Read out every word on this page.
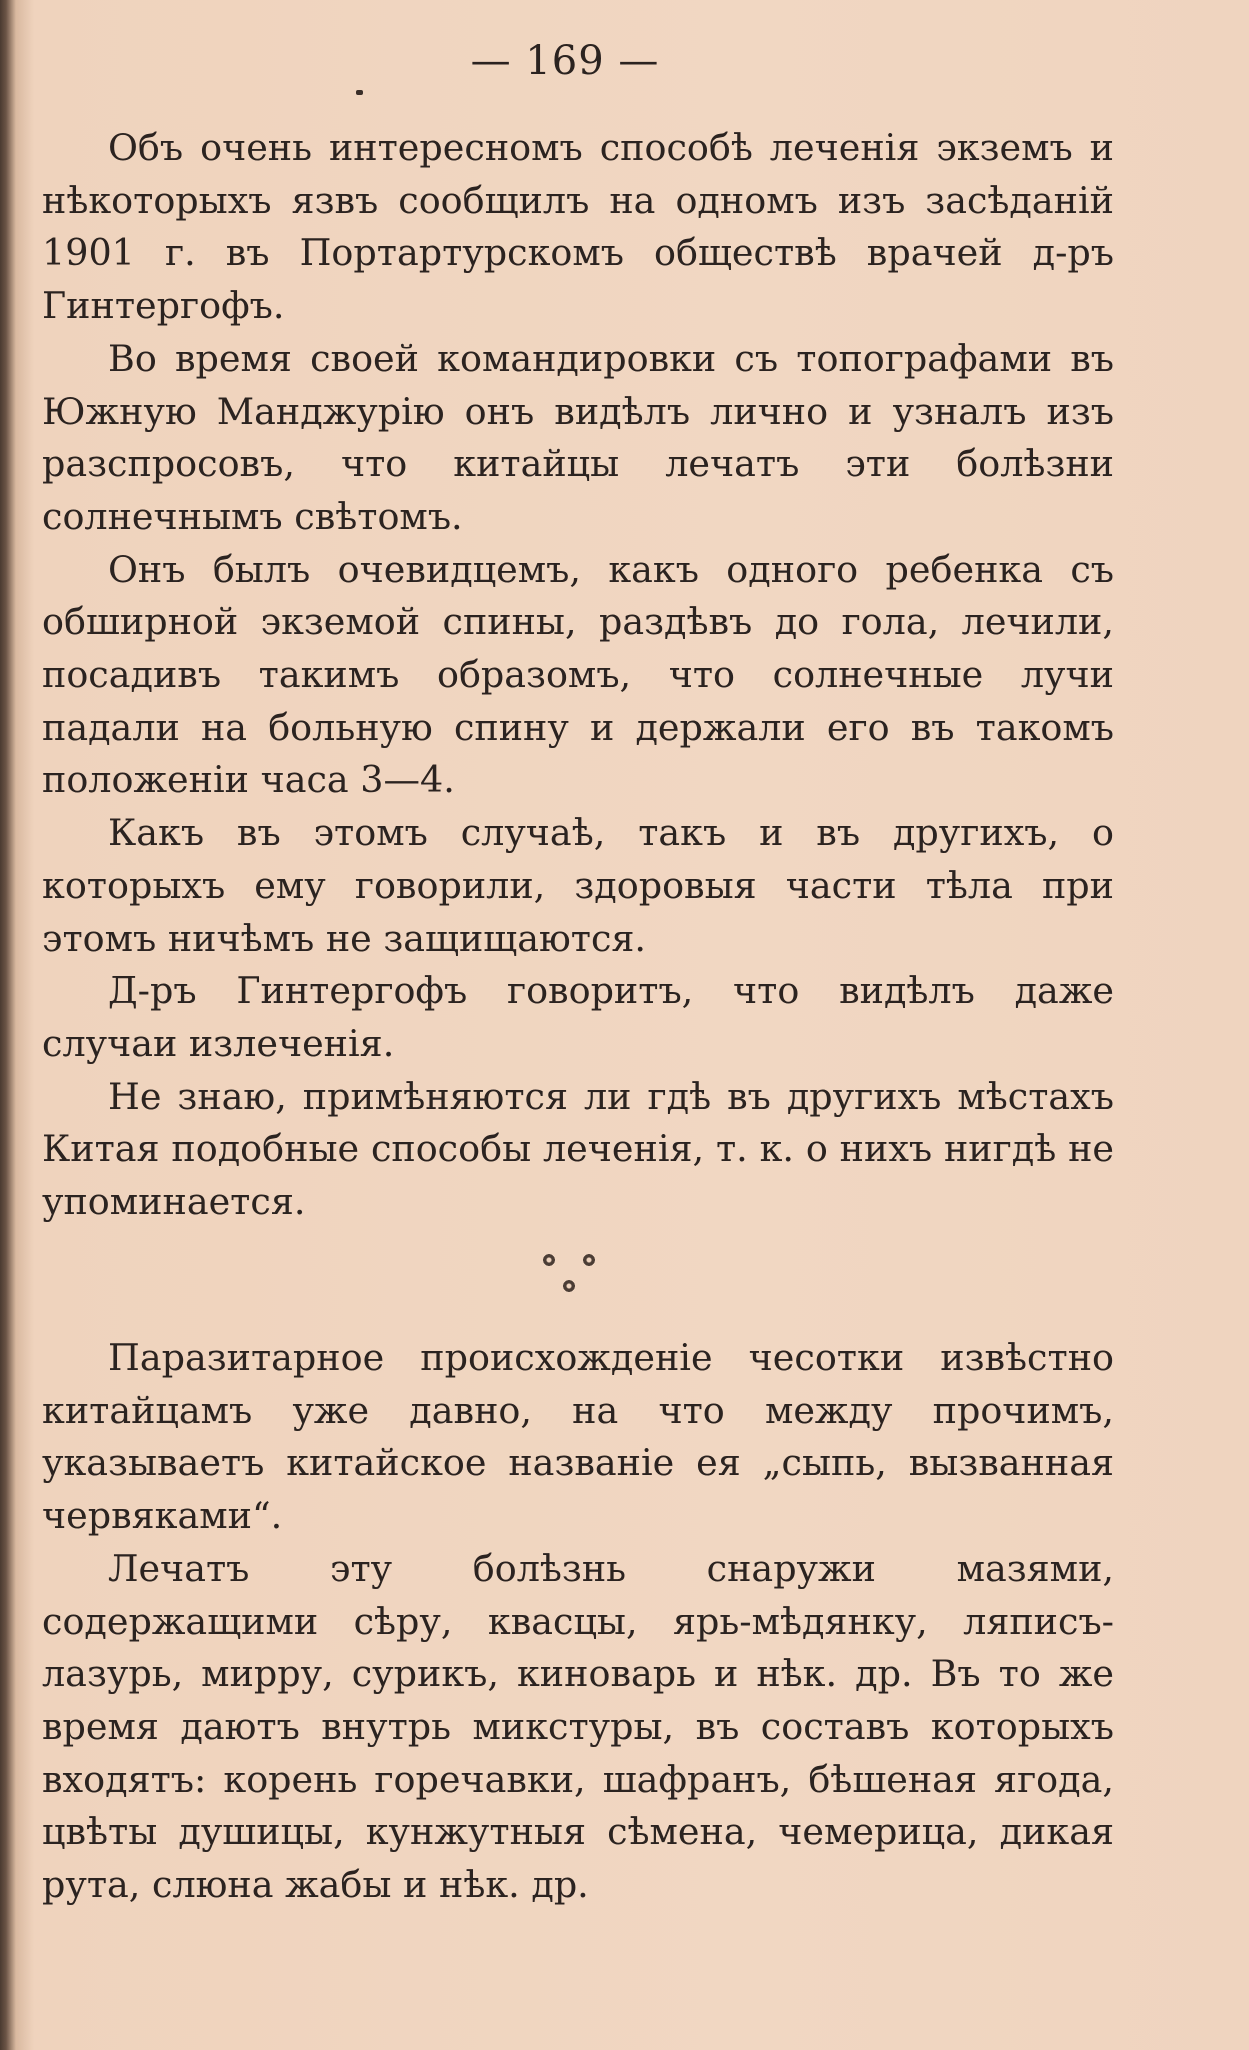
— 169 —

Объ очень интересномъ способѣ леченія экземъ и нѣкоторыхъ язвъ сообщилъ на одномъ изъ засѣданій 1901 г. въ Портартурскомъ обществѣ врачей д-ръ Гинтергофъ.

Во время своей командировки съ топографами въ Южную Манджурію онъ видѣлъ лично и узналъ изъ разспросовъ, что китайцы лечатъ эти болѣзни солнечнымъ свѣтомъ.

Онъ былъ очевидцемъ, какъ одного ребенка съ обширной экземой спины, раздѣвъ до гола, лечили, посадивъ такимъ образомъ, что солнечные лучи падали на больную спину и держали его въ такомъ положеніи часа 3—4.

Какъ въ этомъ случаѣ, такъ и въ другихъ, о которыхъ ему говорили, здоровыя части тѣла при этомъ ничѣмъ не защищаются.

Д-ръ Гинтергофъ говоритъ, что видѣлъ даже случаи излеченія.

Не знаю, примѣняются ли гдѣ въ другихъ мѣстахъ Китая подобные способы леченія, т. к. о нихъ нигдѣ не упоминается.

Паразитарное происхожденіе чесотки извѣстно китайцамъ уже давно, на что между прочимъ, указываетъ китайское названіе ея „сыпь, вызванная червяками“.

Лечатъ эту болѣзнь снаружи мазями, содержащими сѣру, квасцы, ярь-мѣдянку, ляписъ-лазурь, мирру, сурикъ, киноварь и нѣк. др. Въ то же время даютъ внутрь микстуры, въ составъ которыхъ входятъ: корень горечавки, шафранъ, бѣшеная ягода, цвѣты душицы, кунжутныя сѣмена, чемерица, дикая рута, слюна жабы и нѣк. др.
